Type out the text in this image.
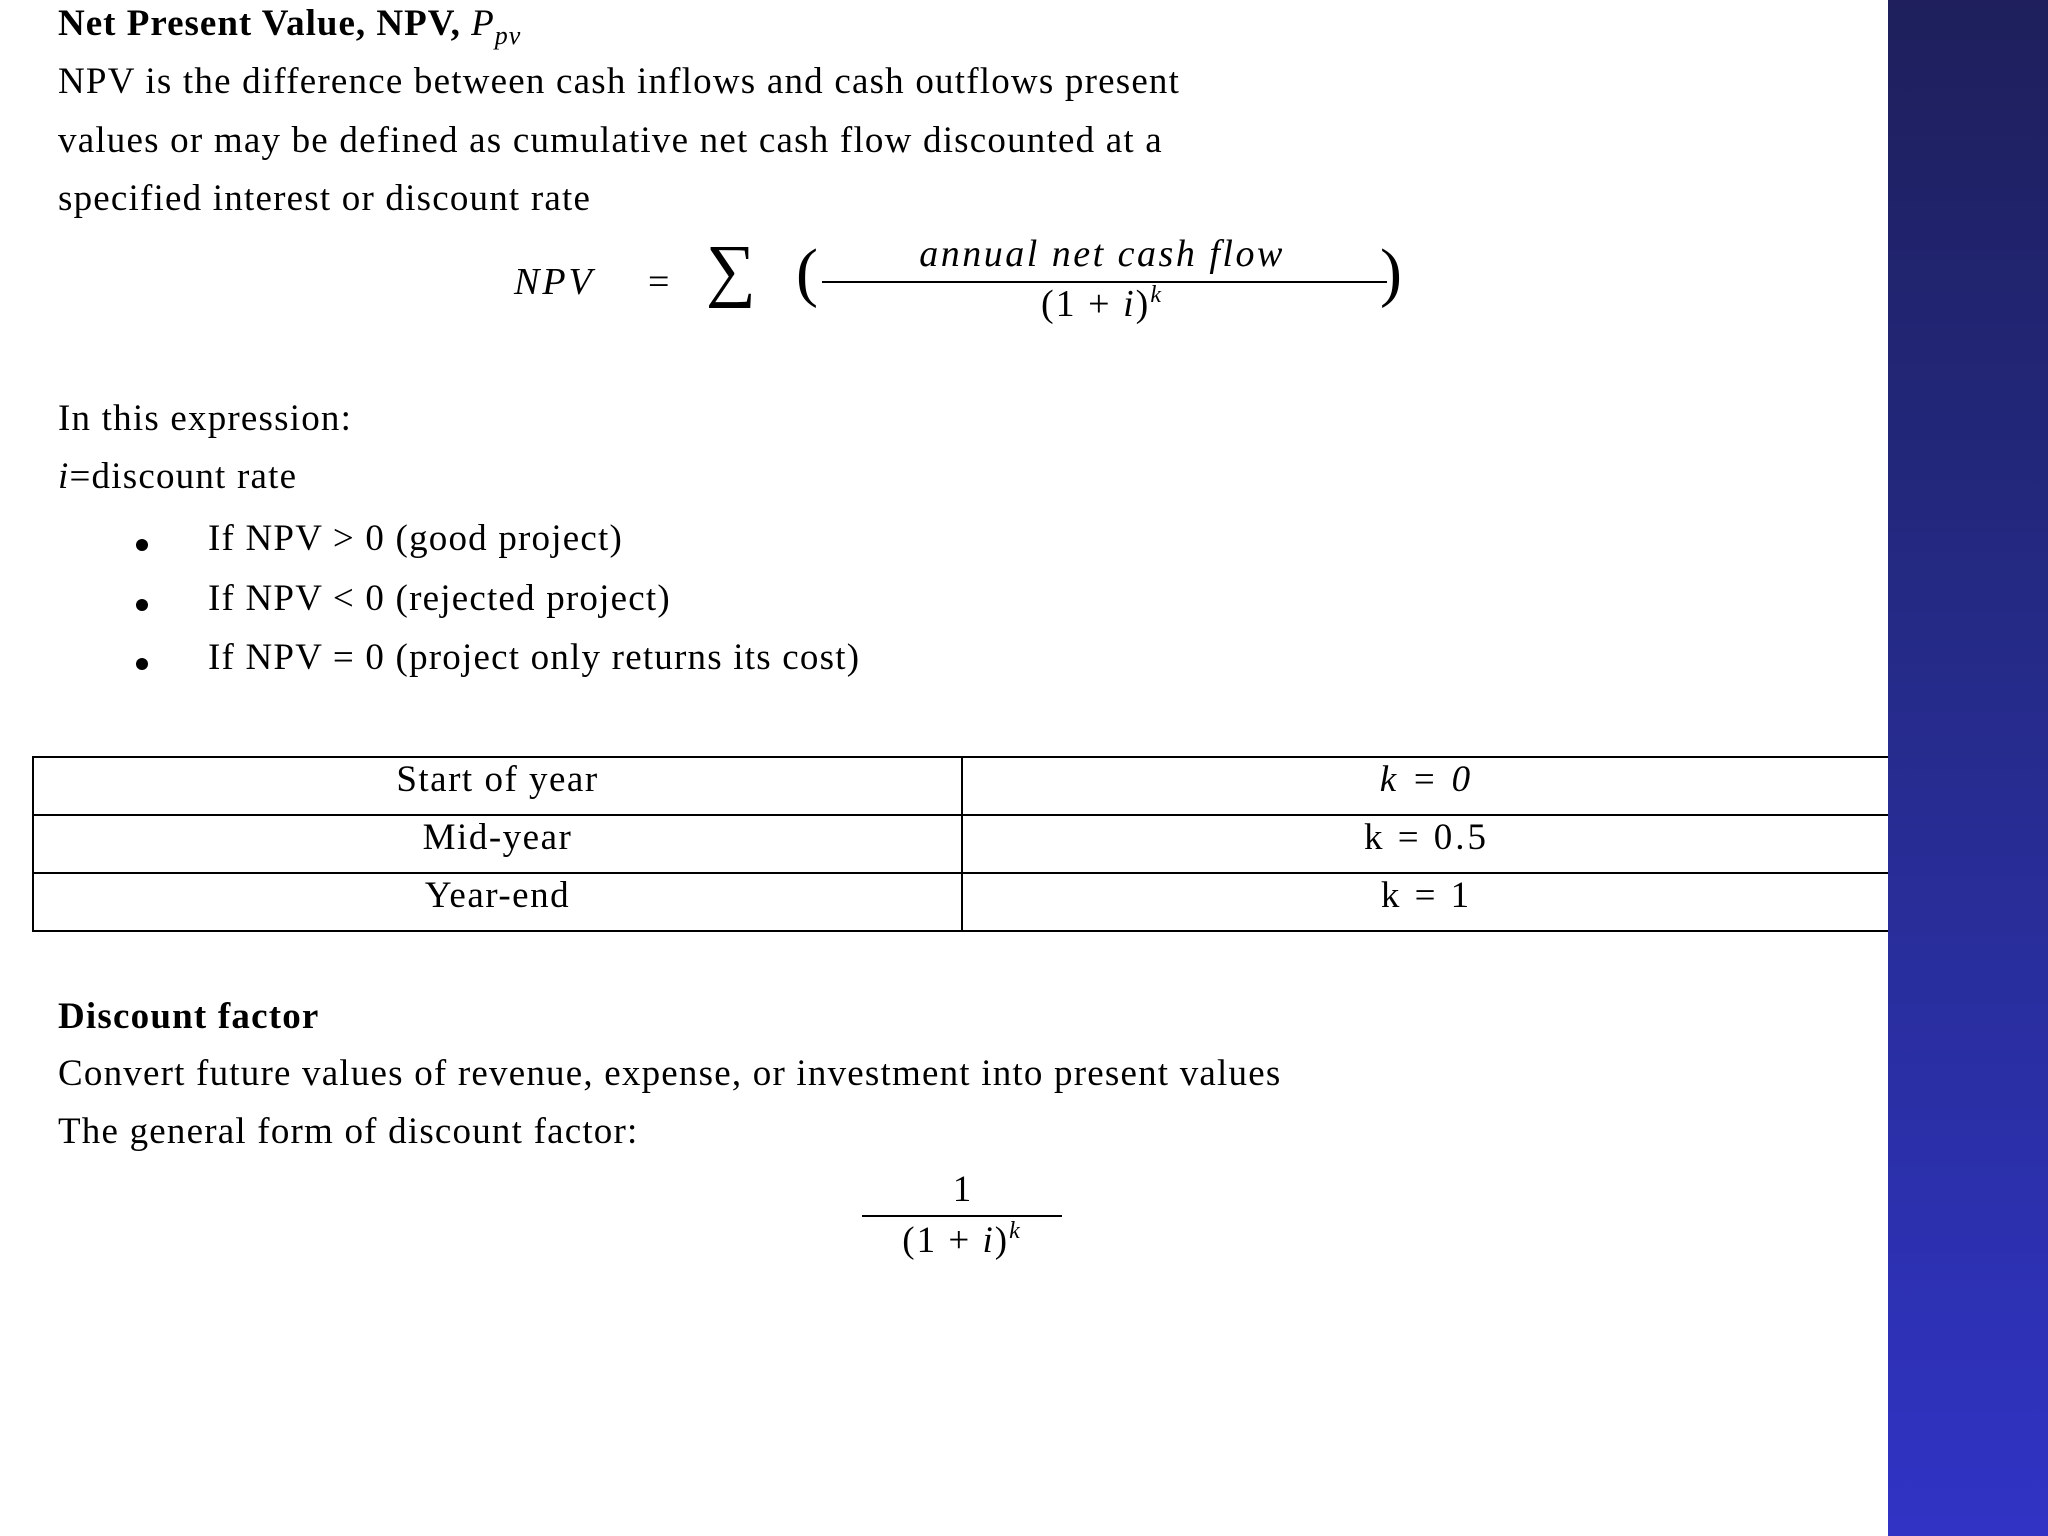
Net Present Value, NPV, $P_{pv}$
NPV is the difference between cash inflows and cash outflows present
values or may be defined as cumulative net cash flow discounted at a
specified interest or discount rate
NPV = ∑ (	annual net cash flow
$(1 + i)^k$	)
In this expression:
i=discount rate
If NPV > 0 (good project)
If NPV < 0 (rejected project)
If NPV = 0 (project only returns its cost)
Start of year	k = 0
Mid-year	k = 0.5
Year-end	k = 1
Discount factor
Convert future values of revenue, expense, or investment into present values
The general form of discount factor:
1
$(1 + i)^k$
